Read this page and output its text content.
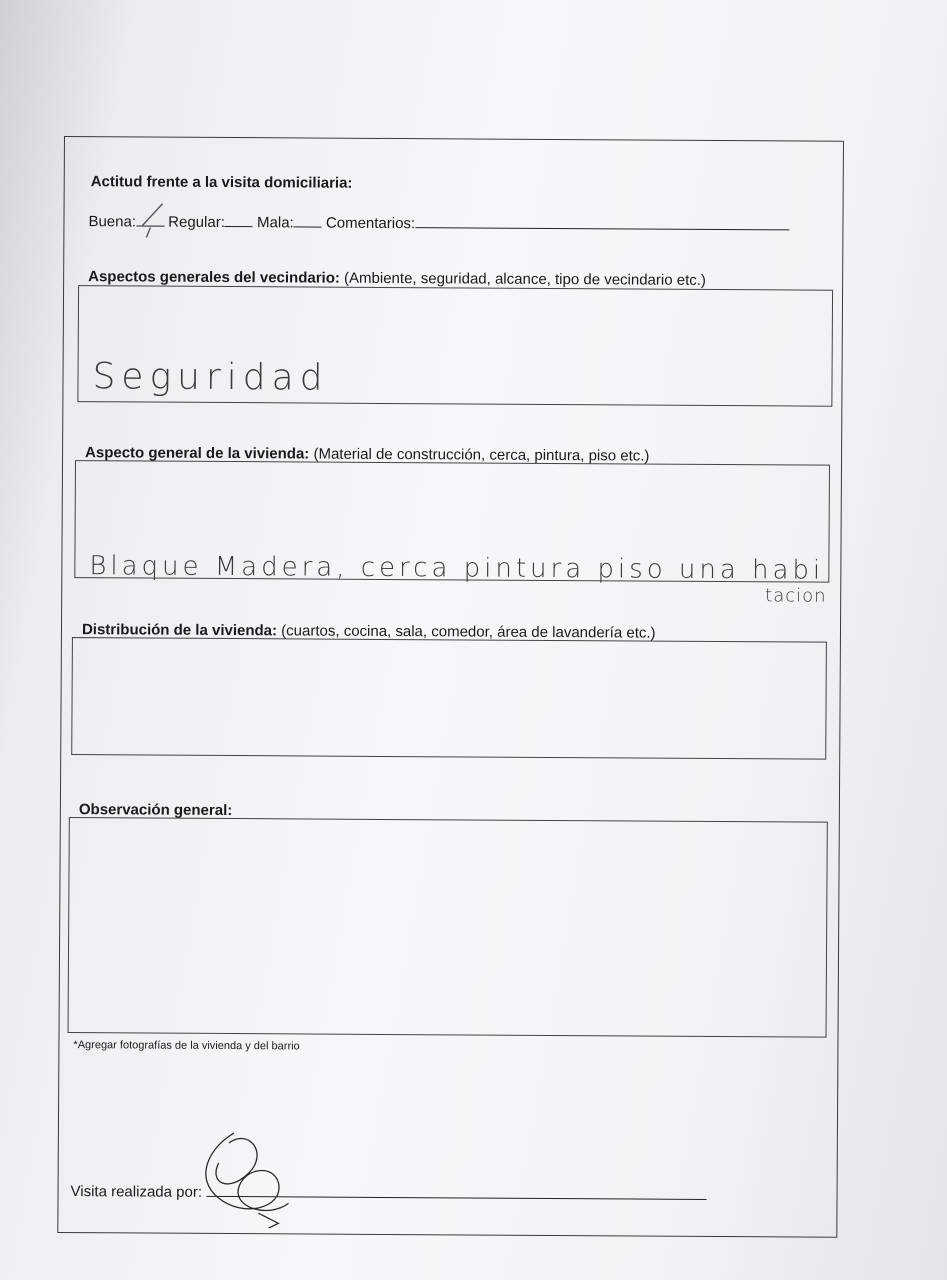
Actitud frente a la visita domiciliaria:
Buena: Regular: Mala: Comentarios:
Aspectos generales del vecindario: (Ambiente, seguridad, alcance, tipo de vecindario etc.)
Seguridad
Aspecto general de la vivienda: (Material de construcción, cerca, pintura, piso etc.)
Blaque Madera, cerca pintura piso una habi
tacion
Distribución de la vivienda: (cuartos, cocina, sala, comedor, área de lavandería etc.)
Observación general:
*Agregar fotografías de la vivienda y del barrio
Visita realizada por:
